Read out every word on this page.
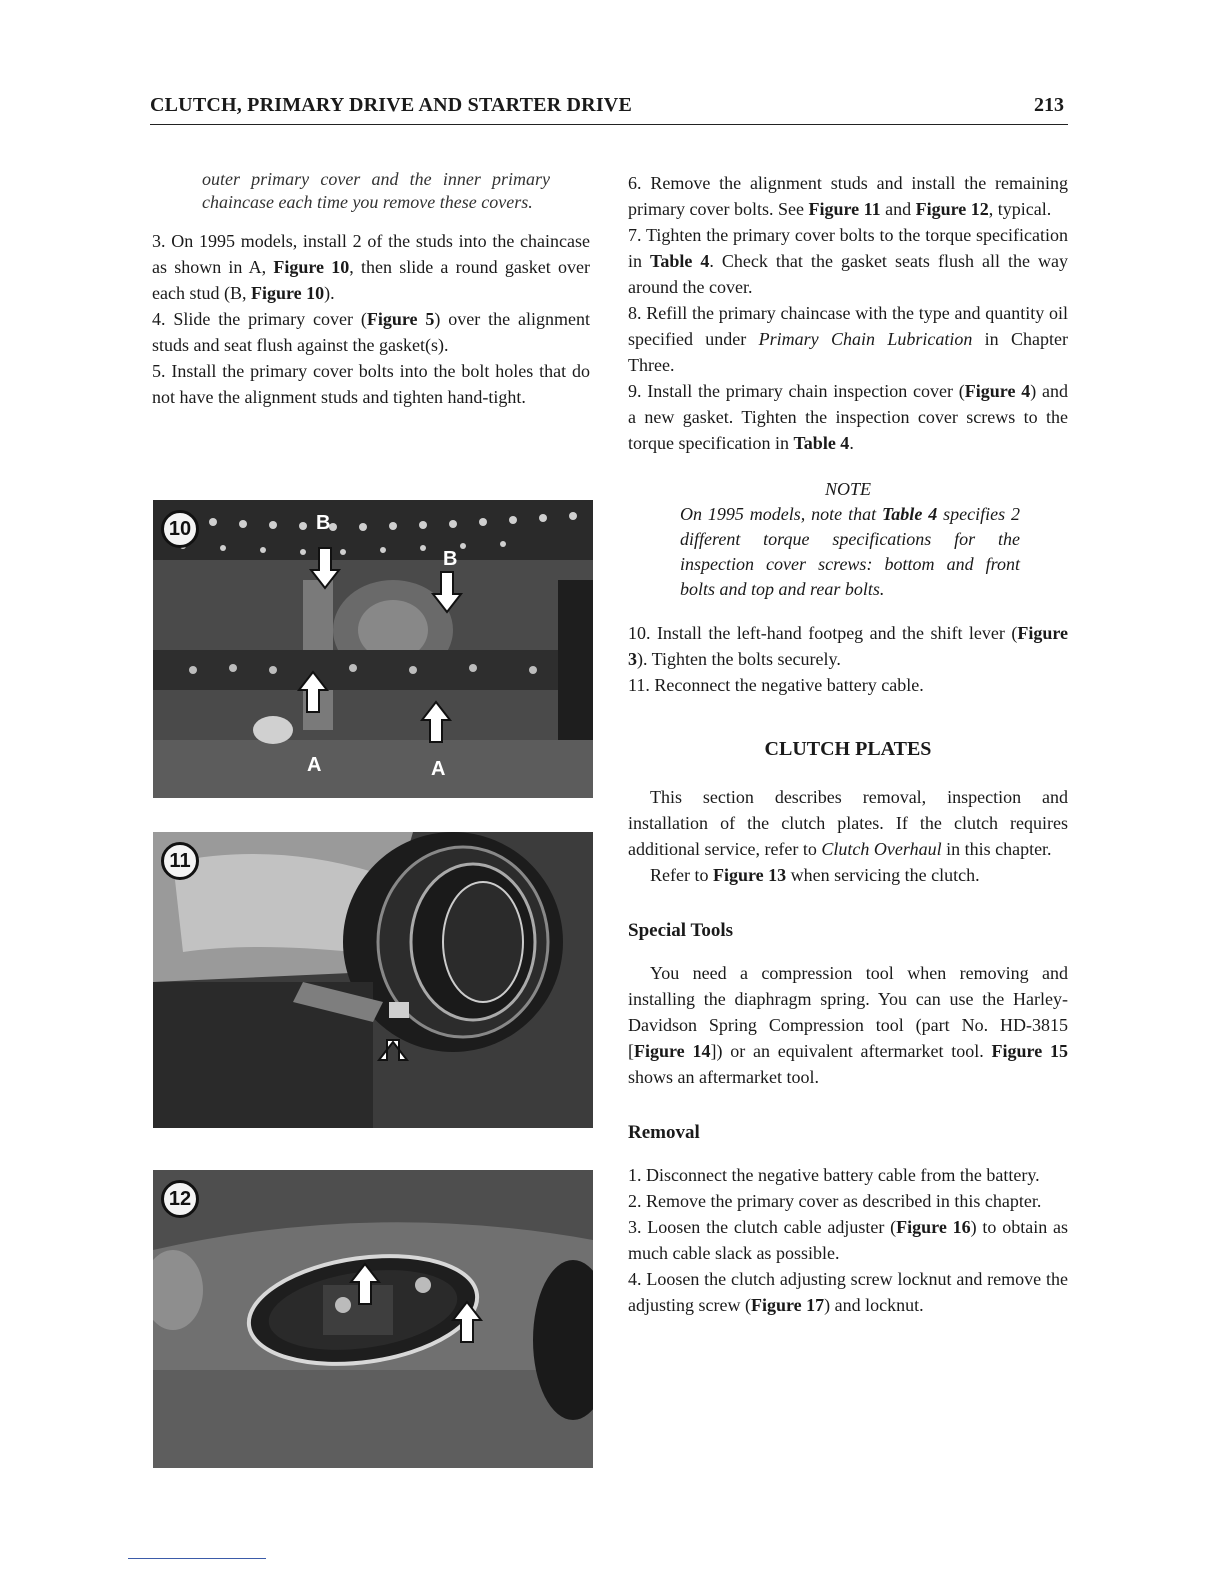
CLUTCH, PRIMARY DRIVE AND STARTER DRIVE	213

outer primary cover and the inner primary chaincase each time you remove these covers.

3. On 1995 models, install 2 of the studs into the chaincase as shown in A, Figure 10, then slide a round gasket over each stud (B, Figure 10).

4. Slide the primary cover (Figure 5) over the alignment studs and seat flush against the gasket(s).

5. Install the primary cover bolts into the bolt holes that do not have the alignment studs and tighten hand-tight.

10	B
B
A	A
11
12

6. Remove the alignment studs and install the remaining primary cover bolts. See Figure 11 and Figure 12, typical.

7. Tighten the primary cover bolts to the torque specification in Table 4. Check that the gasket seats flush all the way around the cover.

8. Refill the primary chaincase with the type and quantity oil specified under Primary Chain Lubrication in Chapter Three.

9. Install the primary chain inspection cover (Figure 4) and a new gasket. Tighten the inspection cover screws to the torque specification in Table 4.

NOTE

On 1995 models, note that Table 4 specifies 2 different torque specifications for the inspection cover screws: bottom and front bolts and top and rear bolts.

10. Install the left-hand footpeg and the shift lever (Figure 3). Tighten the bolts securely.

11. Reconnect the negative battery cable.

CLUTCH PLATES

This section describes removal, inspection and installation of the clutch plates. If the clutch requires additional service, refer to Clutch Overhaul in this chapter.

Refer to Figure 13 when servicing the clutch.

Special Tools

You need a compression tool when removing and installing the diaphragm spring. You can use the Harley-Davidson Spring Compression tool (part No. HD-3815 [Figure 14]) or an equivalent aftermarket tool. Figure 15 shows an aftermarket tool.

Removal

1. Disconnect the negative battery cable from the battery.

2. Remove the primary cover as described in this chapter.

3. Loosen the clutch cable adjuster (Figure 16) to obtain as much cable slack as possible.

4. Loosen the clutch adjusting screw locknut and remove the adjusting screw (Figure 17) and locknut.
